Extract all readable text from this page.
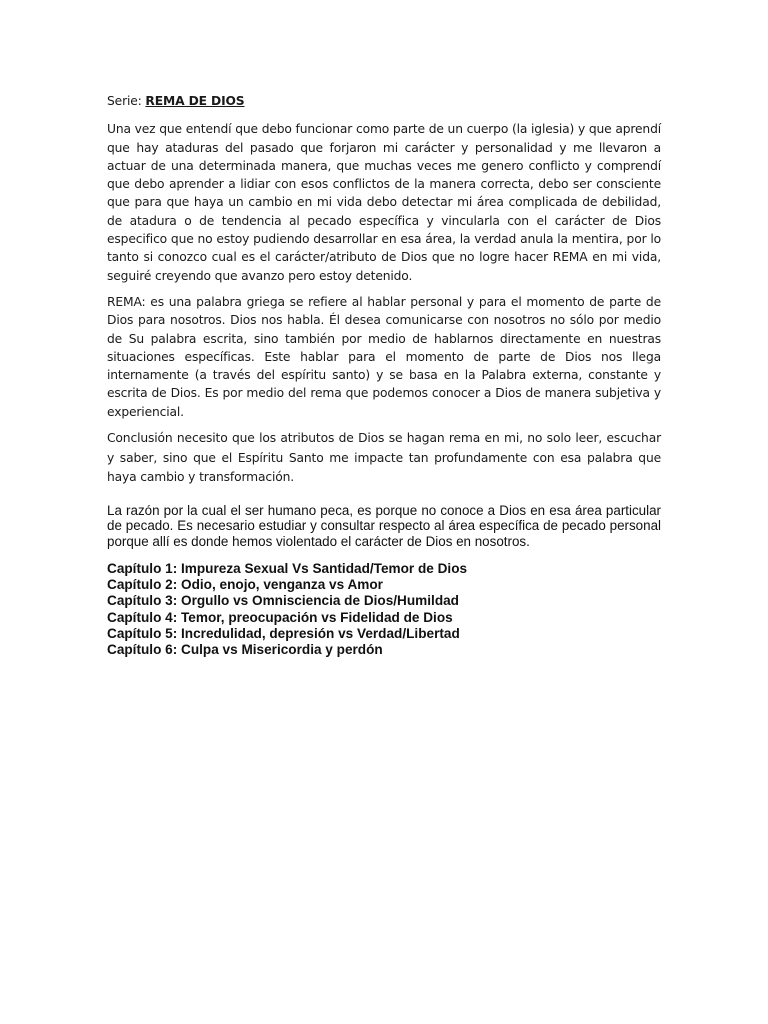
Serie: REMA DE DIOS

Una vez que entendí que debo funcionar como parte de un cuerpo (la iglesia) y que aprendí que hay ataduras del pasado que forjaron mi carácter y personalidad y me llevaron a actuar de una determinada manera, que muchas veces me genero conflicto y comprendí que debo aprender a lidiar con esos conflictos de la manera correcta, debo ser consciente que para que haya un cambio en mi vida debo detectar mi área complicada de debilidad, de atadura o de tendencia al pecado específica y vincularla con el carácter de Dios especifico que no estoy pudiendo desarrollar en esa área, la verdad anula la mentira, por lo tanto si conozco cual es el carácter/atributo de Dios que no logre hacer REMA en mi vida, seguiré creyendo que avanzo pero estoy detenido.

REMA: es una palabra griega se refiere al hablar personal y para el momento de parte de Dios para nosotros. Dios nos habla. Él desea comunicarse con nosotros no sólo por medio de Su palabra escrita, sino también por medio de hablarnos directamente en nuestras situaciones específicas. Este hablar para el momento de parte de Dios nos llega internamente (a través del espíritu santo) y se basa en la Palabra externa, constante y escrita de Dios. Es por medio del rema que podemos conocer a Dios de manera subjetiva y experiencial.

Conclusión necesito que los atributos de Dios se hagan rema en mi, no solo leer, escuchar y saber, sino que el Espíritu Santo me impacte tan profundamente con esa palabra que haya cambio y transformación.

La razón por la cual el ser humano peca, es porque no conoce a Dios en esa área particular de pecado. Es necesario estudiar y consultar respecto al área específica de pecado personal porque allí es donde hemos violentado el carácter de Dios en nosotros.

Capítulo 1: Impureza Sexual Vs Santidad/Temor de Dios
Capítulo 2: Odio, enojo, venganza vs Amor
Capítulo 3: Orgullo vs Omnisciencia de Dios/Humildad
Capítulo 4: Temor, preocupación vs Fidelidad de Dios
Capítulo 5: Incredulidad, depresión vs Verdad/Libertad
Capítulo 6: Culpa vs Misericordia y perdón
